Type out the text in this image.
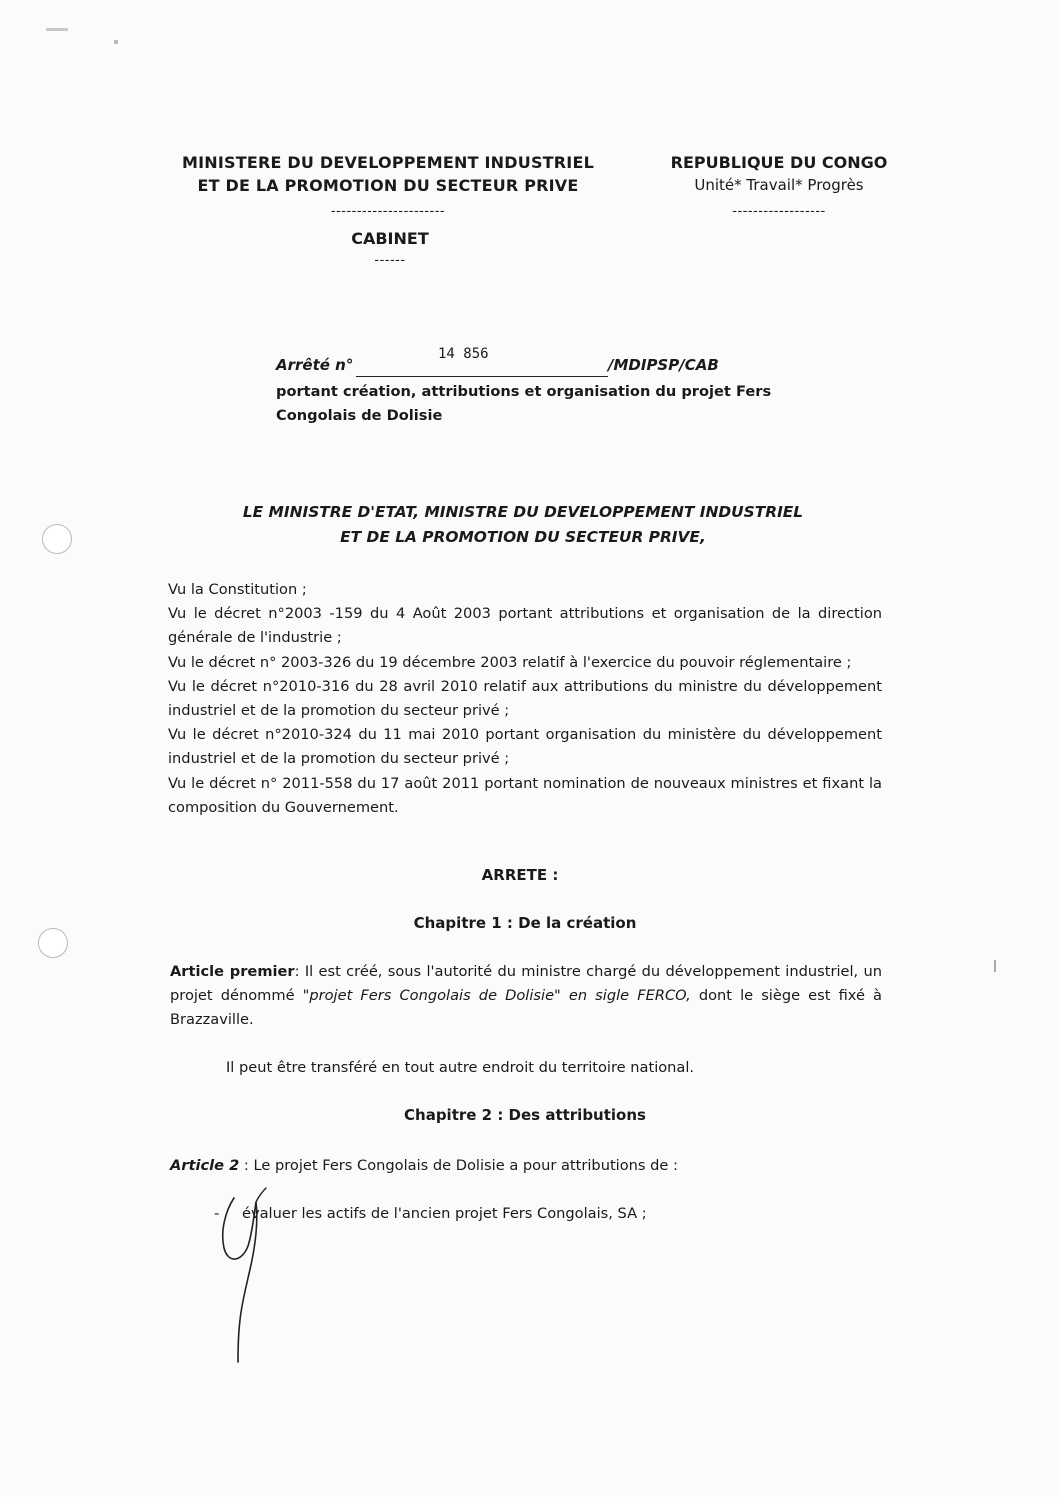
MINISTERE DU DEVELOPPEMENT INDUSTRIEL
ET DE LA PROMOTION DU SECTEUR PRIVE
----------------------
CABINET
------
REPUBLIQUE DU CONGO
Unité* Travail* Progrès
------------------
Arrêté n°
14 856
/MDIPSP/CAB
portant création, attributions et organisation du projet Fers
Congolais de Dolisie
LE MINISTRE D'ETAT, MINISTRE DU DEVELOPPEMENT INDUSTRIEL
ET DE LA PROMOTION DU SECTEUR PRIVE,
Vu la Constitution ;
Vu le décret n°2003 -159 du 4 Août 2003 portant attributions et organisation de la direction générale de l'industrie ;
Vu le décret n° 2003-326 du 19 décembre 2003 relatif à l'exercice du pouvoir réglementaire ;
Vu le décret n°2010-316 du 28 avril 2010 relatif aux attributions du ministre du développement industriel et de la promotion du secteur privé ;
Vu le décret n°2010-324 du 11 mai 2010 portant organisation du ministère du développement industriel et de la promotion du secteur privé ;
Vu le décret n° 2011-558 du 17 août 2011 portant nomination de nouveaux ministres et fixant la composition du Gouvernement.
ARRETE :
Chapitre 1 : De la création
Article premier: Il est créé, sous l'autorité du ministre chargé du développement industriel, un projet dénommé "projet Fers Congolais de Dolisie" en sigle FERCO, dont le siège est fixé à Brazzaville.
Il peut être transféré en tout autre endroit du territoire national.
Chapitre 2 : Des attributions
Article 2 : Le projet Fers Congolais de Dolisie a pour attributions de :
- évaluer les actifs de l'ancien projet Fers Congolais, SA ;
